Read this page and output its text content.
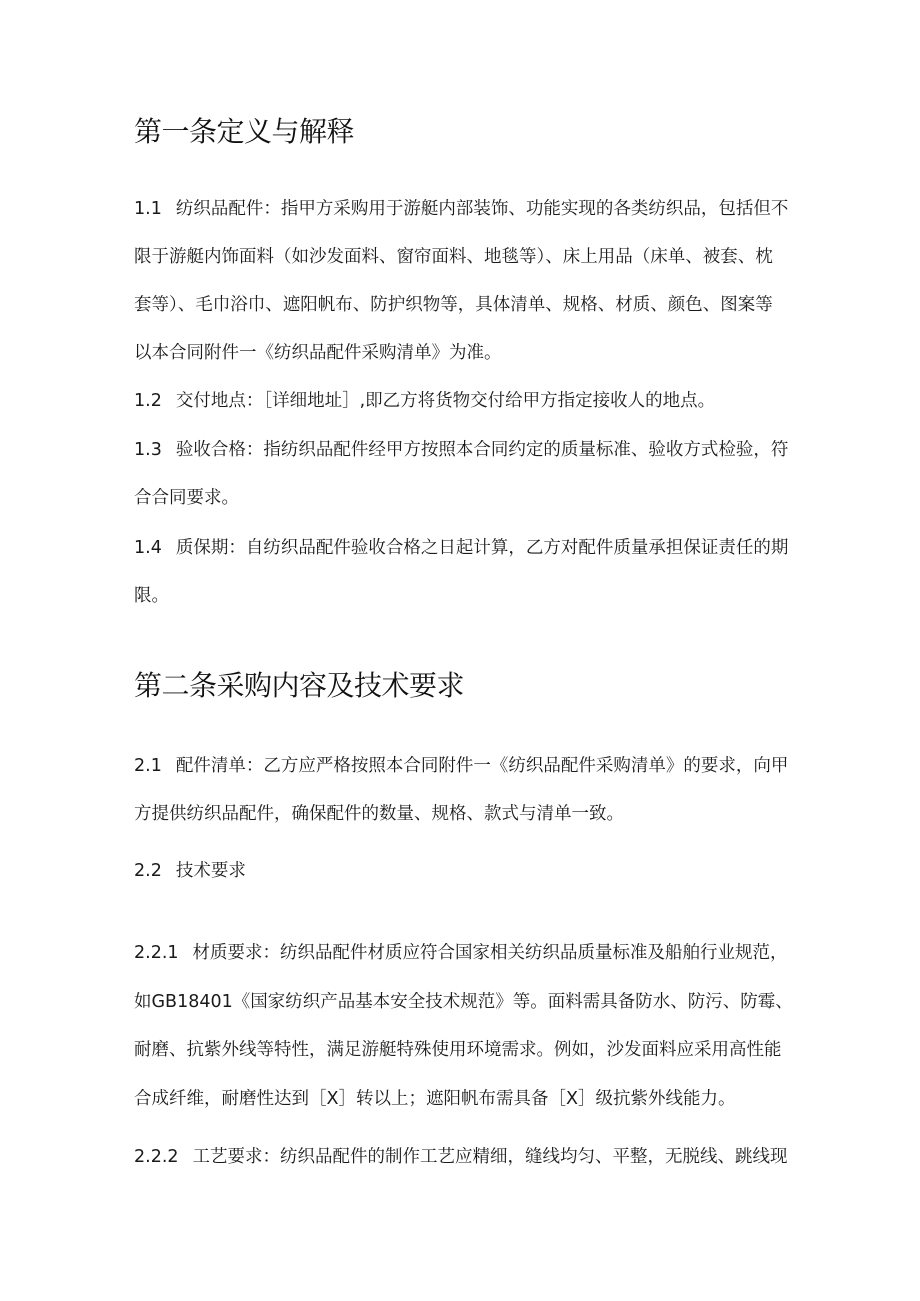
第一条定义与解释
1.1 纺织品配件：指甲方采购用于游艇内部装饰、功能实现的各类纺织品，包括但不
限于游艇内饰面料（如沙发面料、窗帘面料、地毯等）、床上用品（床单、被套、枕
套等）、毛巾浴巾、遮阳帆布、防护织物等，具体清单、规格、材质、颜色、图案等
以本合同附件一《纺织品配件采购清单》为准。
1.2 交付地点：［详细地址］,即乙方将货物交付给甲方指定接收人的地点。
1.3 验收合格：指纺织品配件经甲方按照本合同约定的质量标准、验收方式检验，符
合合同要求。
1.4 质保期：自纺织品配件验收合格之日起计算，乙方对配件质量承担保证责任的期
限。
第二条采购内容及技术要求
2.1 配件清单：乙方应严格按照本合同附件一《纺织品配件采购清单》的要求，向甲
方提供纺织品配件，确保配件的数量、规格、款式与清单一致。
2.2 技术要求
2.2.1 材质要求：纺织品配件材质应符合国家相关纺织品质量标准及船舶行业规范，
如GB18401《国家纺织产品基本安全技术规范》等。面料需具备防水、防污、防霉、
耐磨、抗紫外线等特性，满足游艇特殊使用环境需求。例如，沙发面料应采用高性能
合成纤维，耐磨性达到［X］转以上；遮阳帆布需具备［X］级抗紫外线能力。
2.2.2 工艺要求：纺织品配件的制作工艺应精细，缝线均匀、平整，无脱线、跳线现
